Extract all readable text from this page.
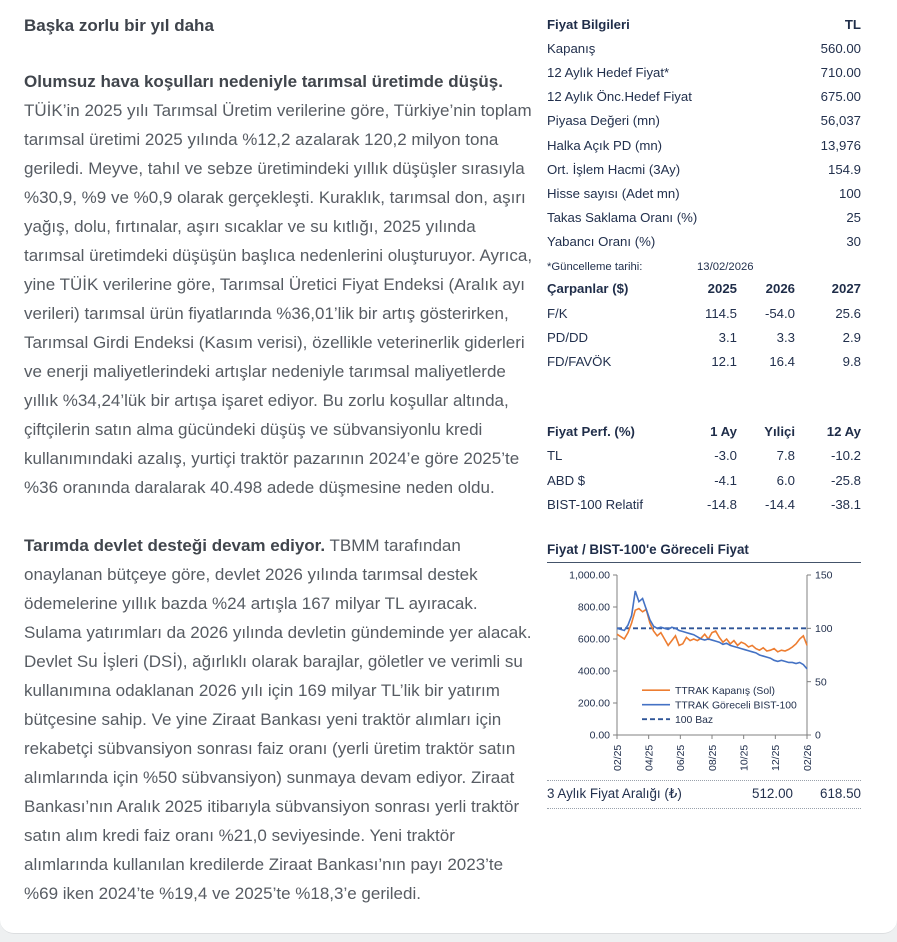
Fiyat Bilgileri	TL
Kapanış	560.00
12 Aylık Hedef Fiyat*	710.00
12 Aylık Önc.Hedef Fiyat	675.00
Piyasa Değeri (mn)	56,037
Halka Açık PD (mn)	13,976
Ort. İşlem Hacmi (3Ay)	154.9
Hisse sayısı (Adet mn)	100
Takas Saklama Oranı (%)	25
Yabancı Oranı (%)	30
*Güncelleme tarihi:	13/02/2026
Çarpanlar ($)	2025	2026	2027
F/K	114.5	-54.0	25.6
PD/DD	3.1	3.3	2.9
FD/FAVÖK	12.1	16.4	9.8
Fiyat Perf. (%)	1 Ay	Yıliçi	12 Ay
TL	-3.0	7.8	-10.2
ABD $	-4.1	6.0	-25.8
BIST-100 Relatif	-14.8	-14.4	-38.1
Fiyat / BIST-100'e Göreceli Fiyat
0.00
200.00
400.00
600.00
800.00
1,000.00
0
50
100
150
02/25 04/25 06/25 08/25 10/25 12/25 02/26
TTRAK Kapanış (Sol)
TTRAK Göreceli BIST-100
100 Baz
3 Aylık Fiyat Aralığı (₺)	512.00	618.50
Başka zorlu bir yıl daha

Olumsuz hava koşulları nedeniyle tarımsal üretimde düşüş. TÜİK’in 2025 yılı Tarımsal Üretim verilerine göre, Türkiye’nin toplam tarımsal üretimi 2025 yılında %12,2 azalarak 120,2 milyon tona geriledi. Meyve, tahıl ve sebze üretimindeki yıllık düşüşler sırasıyla %30,9, %9 ve %0,9 olarak gerçekleşti. Kuraklık, tarımsal don, aşırı yağış, dolu, fırtınalar, aşırı sıcaklar ve su kıtlığı, 2025 yılında tarımsal üretimdeki düşüşün başlıca nedenlerini oluşturuyor. Ayrıca, yine TÜİK verilerine göre, Tarımsal Üretici Fiyat Endeksi (Aralık ayı verileri) tarımsal ürün fiyatlarında %36,01’lik bir artış gösterirken, Tarımsal Girdi Endeksi (Kasım verisi), özellikle veterinerlik giderleri ve enerji maliyetlerindeki artışlar nedeniyle tarımsal maliyetlerde yıllık %34,24’lük bir artışa işaret ediyor. Bu zorlu koşullar altında, çiftçilerin satın alma gücündeki düşüş ve sübvansiyonlu kredi kullanımındaki azalış, yurtiçi traktör pazarının 2024’e göre 2025’te %36 oranında daralarak 40.498 adede düşmesine neden oldu.

Tarımda devlet desteği devam ediyor. TBMM tarafından onaylanan bütçeye göre, devlet 2026 yılında tarımsal destek ödemelerine yıllık bazda %24 artışla 167 milyar TL ayıracak. Sulama yatırımları da 2026 yılında devletin gündeminde yer alacak. Devlet Su İşleri (DSİ), ağırlıklı olarak barajlar, göletler ve verimli su kullanımına odaklanan 2026 yılı için 169 milyar TL’lik bir yatırım bütçesine sahip. Ve yine Ziraat Bankası yeni traktör alımları için rekabetçi sübvansiyon sonrası faiz oranı (yerli üretim traktör satın alımlarında için %50 sübvansiyon) sunmaya devam ediyor. Ziraat Bankası’nın Aralık 2025 itibarıyla sübvansiyon sonrası yerli traktör satın alım kredi faiz oranı %21,0 seviyesinde. Yeni traktör alımlarında kullanılan kredilerde Ziraat Bankası’nın payı 2023’te %69 iken 2024’te %19,4 ve 2025’te %18,3’e geriledi.
